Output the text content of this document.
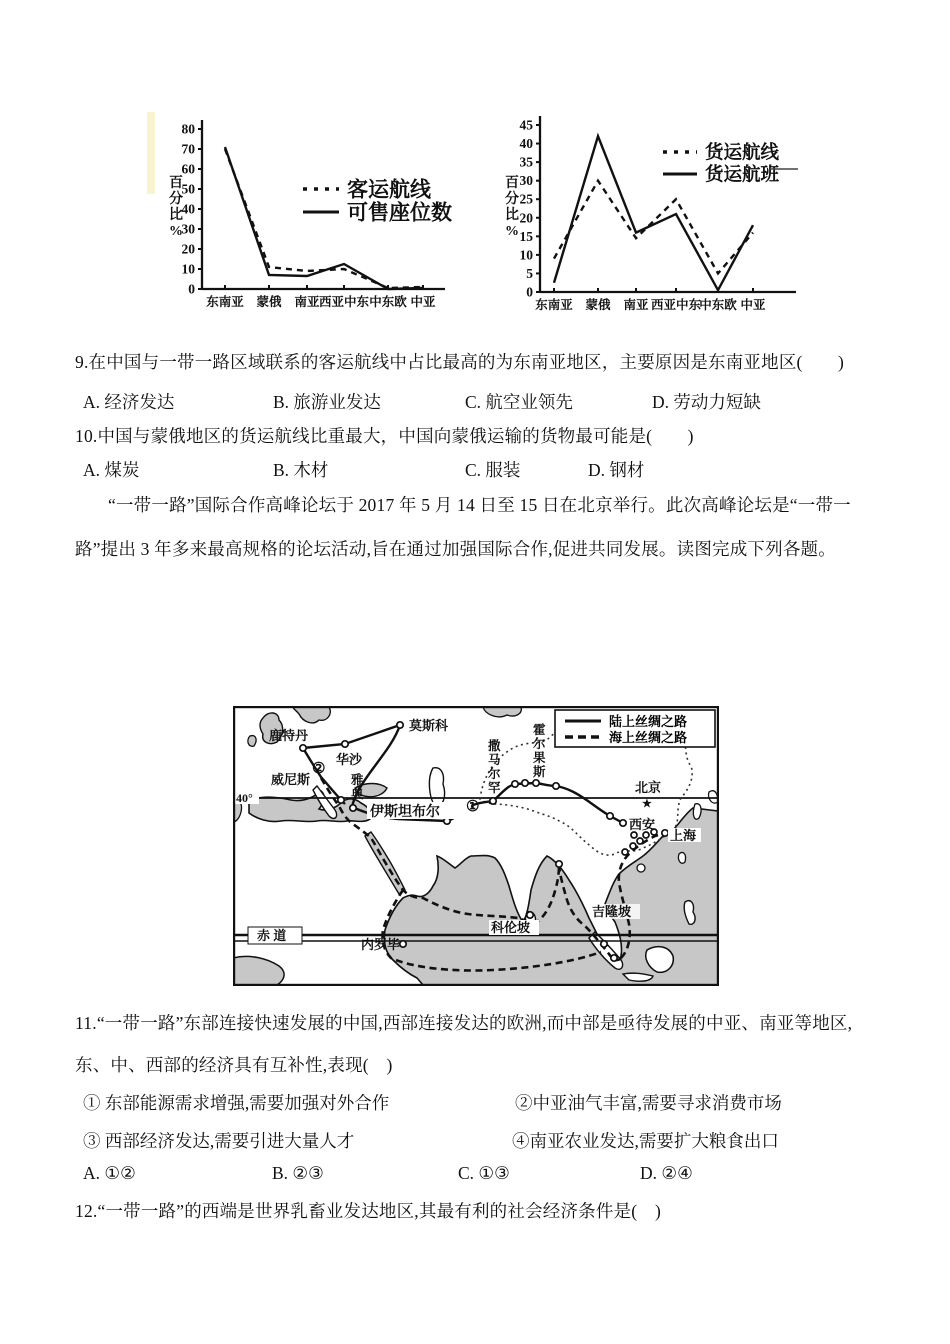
0
10
20
30
40
50
60
70
80
百
分
比
%
东南亚 蒙俄 南亚 西亚中东 中东欧 中亚
客运航线
可售座位数
0
5
10
15
20
25
30
35
40
45
百
分
比
%
东南亚 蒙俄 南亚 西亚中东
中东欧 中亚
货运航线
货运航班
9.在中国与一带一路区域联系的客运航线中占比最高的为东南亚地区，主要原因是东南亚地区(　　)
A. 经济发达	B. 旅游业发达	C. 航空业领先	D. 劳动力短缺
10.中国与蒙俄地区的货运航线比重最大，中国向蒙俄运输的货物最可能是(　　)
A. 煤炭	B. 木材	C. 服装	D. 钢材
“一带一路”国际合作高峰论坛于 2017 年 5 月 14 日至 15 日在北京举行。此次高峰论坛是“一带一
路”提出 3 年多来最高规格的论坛活动,旨在通过加强国际合作,促进共同发展。读图完成下列各题。
鹿特丹
莫斯科
华沙
威尼斯	雅典
伊斯坦布尔
撒马尔罕
霍尔果斯
北京
西安
上海
科伦坡
吉隆坡
内罗毕
赤 道
40°
①
②
★
陆上丝绸之路
海上丝绸之路
11.“一带一路”东部连接快速发展的中国,西部连接发达的欧洲,而中部是亟待发展的中亚、南亚等地区,
东、中、西部的经济具有互补性,表现(　)
① 东部能源需求增强,需要加强对外合作	②中亚油气丰富,需要寻求消费市场
③ 西部经济发达,需要引进大量人才	④南亚农业发达,需要扩大粮食出口
A. ①②	B. ②③	C. ①③	D. ②④
12.“一带一路”的西端是世界乳畜业发达地区,其最有利的社会经济条件是(　)
